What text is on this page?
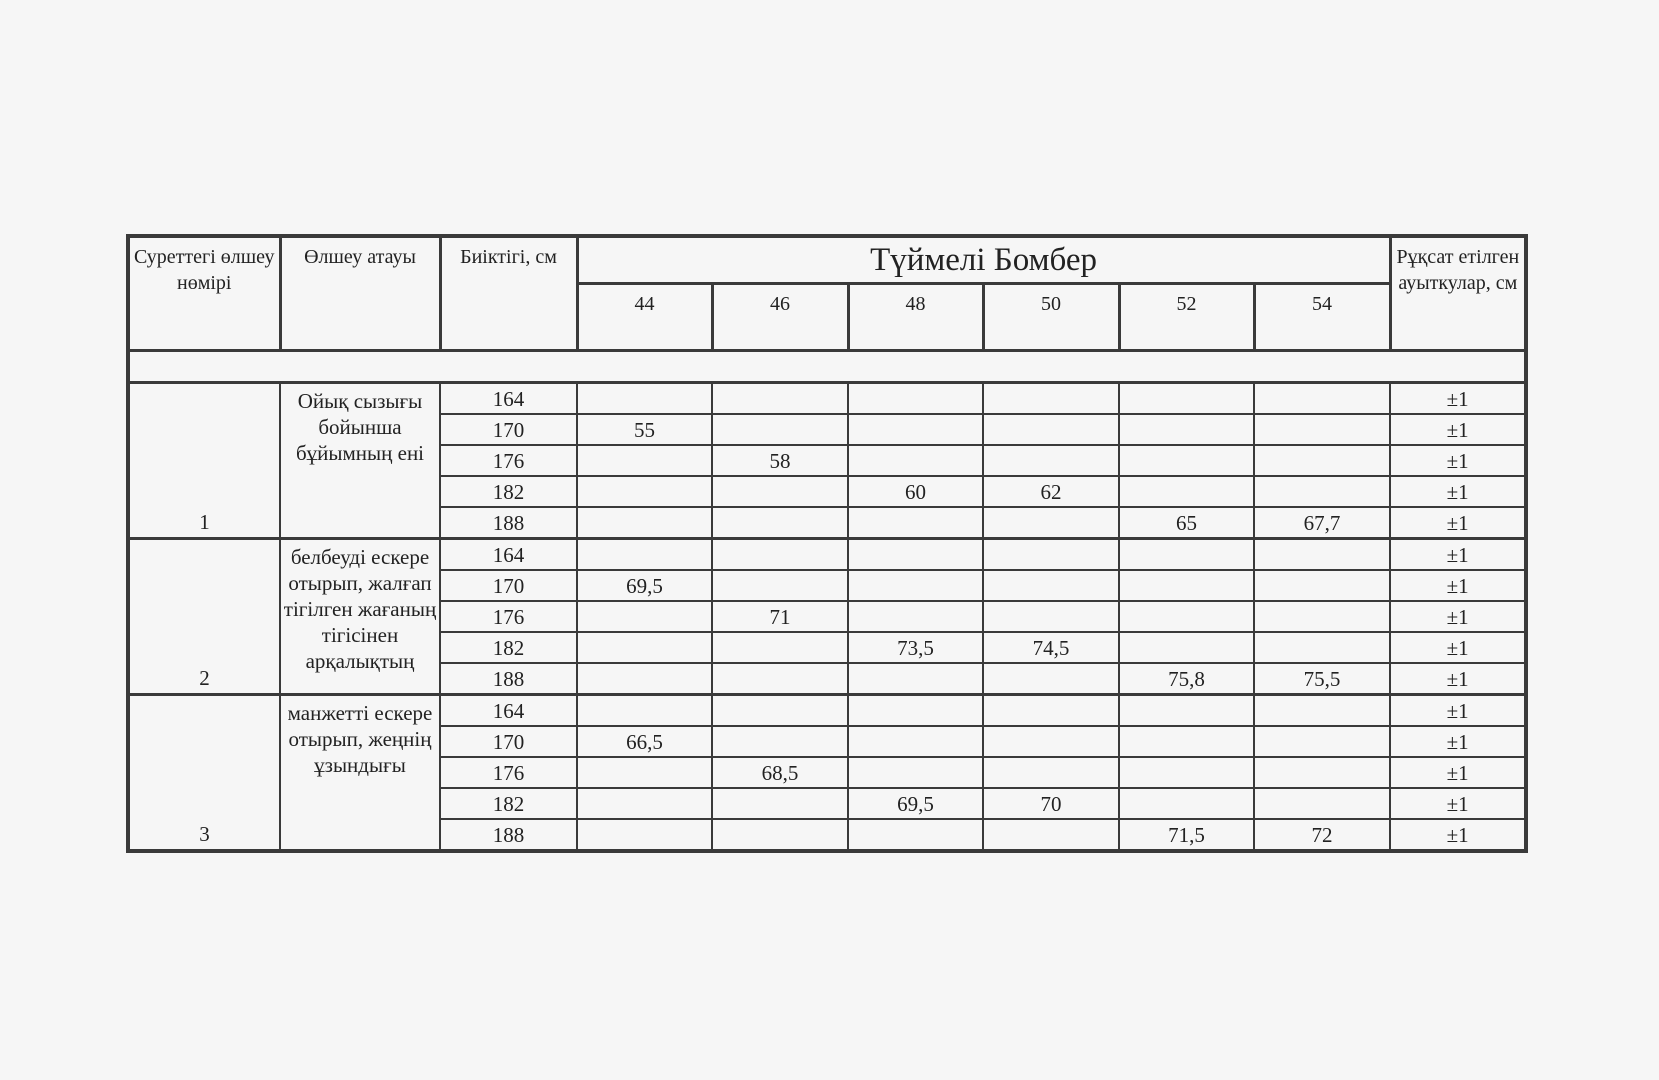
Суреттегі өлшеу нөмірі	Өлшеу атауы	Биіктігі, см	Түймелі Бомбер						Рұқсат етілген ауыткулар, см
			44	46	48	50	52	54	

1	Ойық сызығы бойынша бұйымның ені	164							±1
		170	55						±1
		176		58					±1
		182			60	62			±1
		188					65	67,7	±1
2	белбеуді ескере отырып, жалғап тігілген жағаның тігісінен арқалықтың	164							±1
		170	69,5						±1
		176		71					±1
		182			73,5	74,5			±1
		188					75,8	75,5	±1
3	манжетті ескере отырып, жеңнің ұзындығы	164							±1
		170	66,5						±1
		176		68,5					±1
		182			69,5	70			±1
		188					71,5	72	±1
